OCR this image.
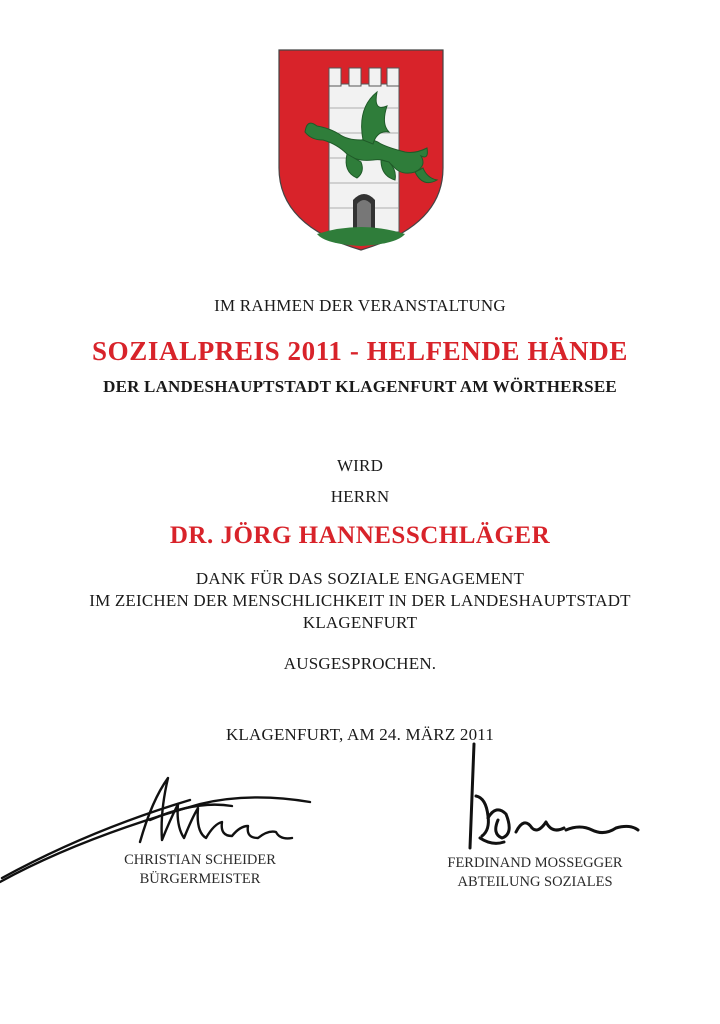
IM RAHMEN DER VERANSTALTUNG
SOZIALPREIS 2011 - HELFENDE HÄNDE
DER LANDESHAUPTSTADT KLAGENFURT AM WÖRTHERSEE
WIRD
HERRN
DR. JÖRG HANNESSCHLÄGER
DANK FÜR DAS SOZIALE ENGAGEMENT
IM ZEICHEN DER MENSCHLICHKEIT IN DER LANDESHAUPTSTADT
KLAGENFURT
AUSGESPROCHEN.
KLAGENFURT, AM 24. MÄRZ 2011
CHRISTIAN SCHEIDER
BÜRGERMEISTER
FERDINAND MOSSEGGER
ABTEILUNG SOZIALES
